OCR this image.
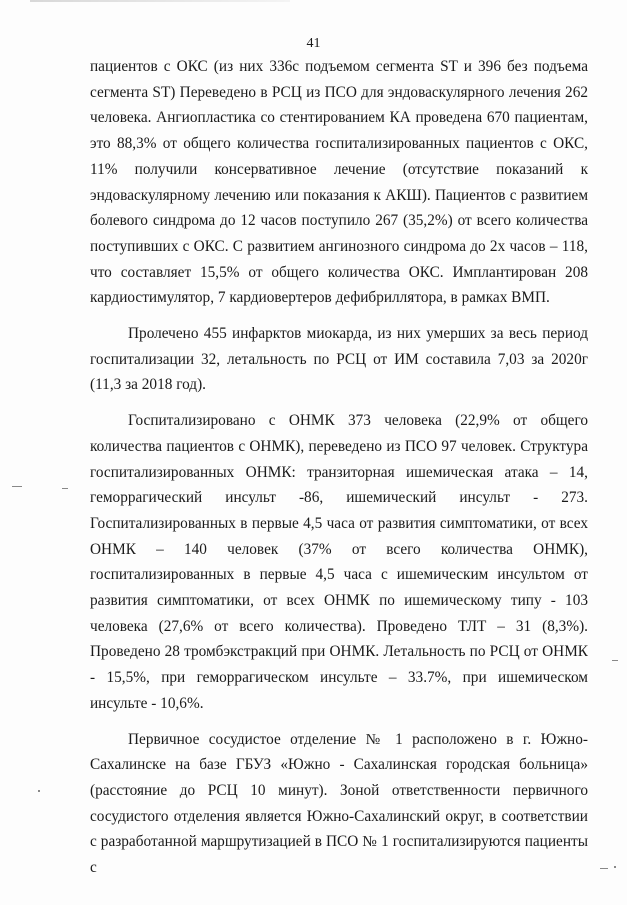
41

пациентов с ОКС (из них 336с подъемом сегмента ST и 396 без подъема сегмента ST) Переведено в РСЦ из ПСО для эндоваскулярного лечения 262 человека. Ангиопластика со стентированием КА проведена 670 пациентам, это 88,3% от общего количества госпитализированных пациентов с ОКС, 11% получили консервативное лечение (отсутствие показаний к эндоваскулярному лечению или показания к АКШ). Пациентов с развитием болевого синдрома до 12 часов поступило 267 (35,2%) от всего количества поступивших с ОКС. С развитием ангинозного синдрома до 2х часов – 118, что составляет 15,5% от общего количества ОКС. Имплантирован 208 кардиостимулятор, 7 кардиовертеров дефибриллятора, в рамках ВМП.

Пролечено 455 инфарктов миокарда, из них умерших за весь период госпитализации 32, летальность по РСЦ от ИМ составила 7,03 за 2020г (11,3 за 2018 год).

Госпитализировано с ОНМК 373 человека (22,9% от общего количества пациентов с ОНМК), переведено из ПСО 97 человек. Структура госпитализированных ОНМК: транзиторная ишемическая атака – 14, геморрагический инсульт -86, ишемический инсульт - 273. Госпитализированных в первые 4,5 часа от развития симптоматики, от всех ОНМК – 140 человек (37% от всего количества ОНМК), госпитализированных в первые 4,5 часа с ишемическим инсультом от развития симптоматики, от всех ОНМК по ишемическому типу - 103 человека (27,6% от всего количества). Проведено ТЛТ – 31 (8,3%). Проведено 28 тромбэкстракций при ОНМК. Летальность по РСЦ от ОНМК - 15,5%, при геморрагическом инсульте – 33.7%, при ишемическом инсульте - 10,6%.

Первичное сосудистое отделение № 1 расположено в г. Южно-Сахалинске на базе ГБУЗ «Южно - Сахалинская городская больница» (расстояние до РСЦ 10 минут). Зоной ответственности первичного сосудистого отделения является Южно-Сахалинский округ, в соответствии с разработанной маршрутизацией в ПСО № 1 госпитализируются пациенты с
